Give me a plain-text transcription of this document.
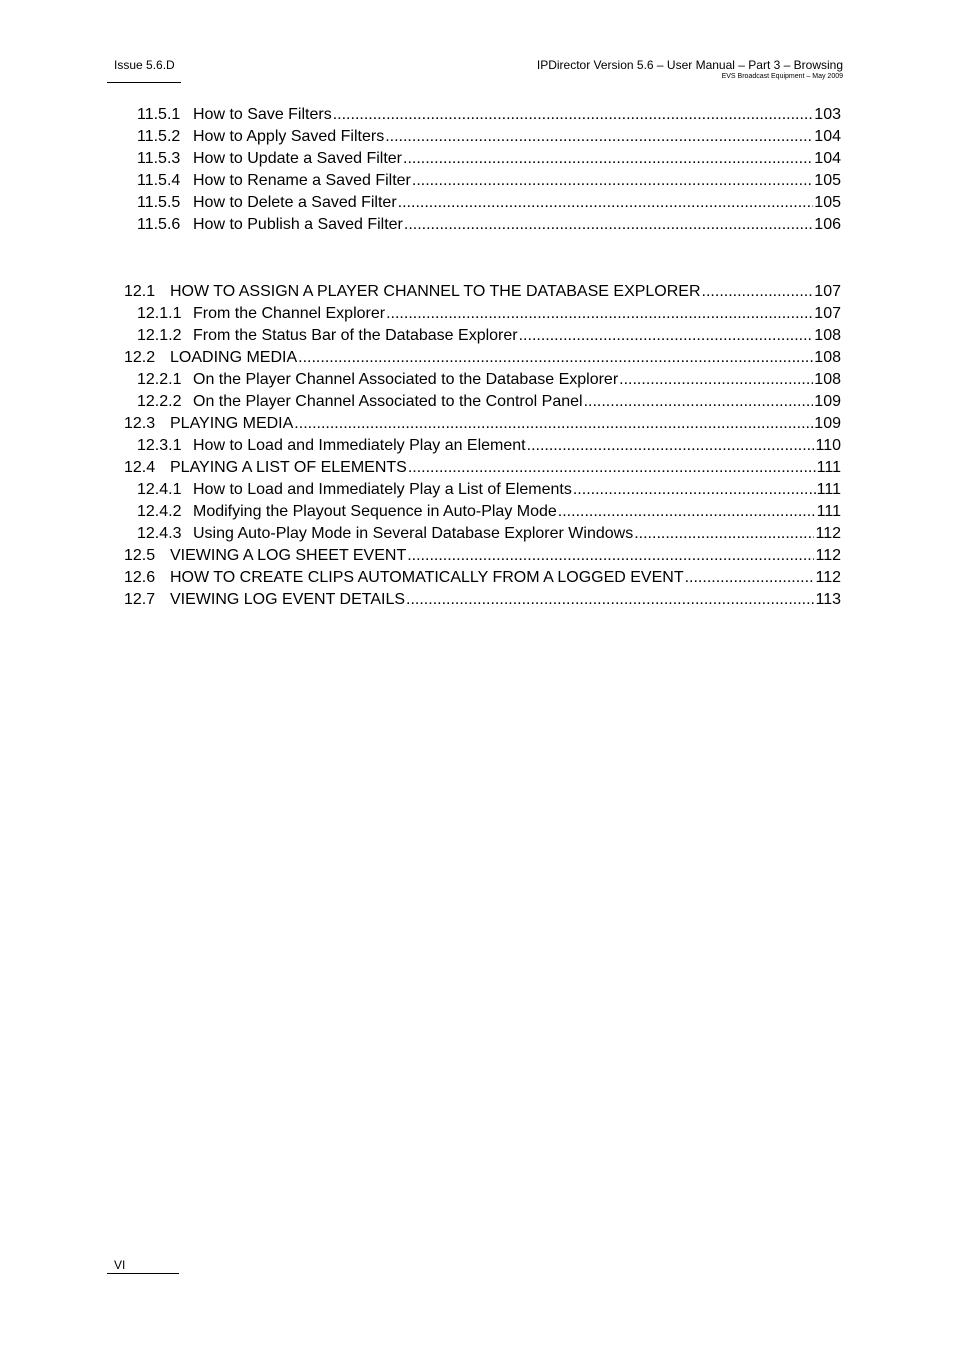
Issue 5.6.D	IPDirector Version 5.6 – User Manual – Part 3 – Browsing
EVS Broadcast Equipment – May 2009
11.5.1 How to Save Filters .....	103
11.5.2 How to Apply Saved Filters .....	104
11.5.3 How to Update a Saved Filter .....	104
11.5.4 How to Rename a Saved Filter .....	105
11.5.5 How to Delete a Saved Filter .....	105
11.5.6 How to Publish a Saved Filter .....	106
12.1 HOW TO ASSIGN A PLAYER CHANNEL TO THE DATABASE EXPLORER .....	107
12.1.1 From the Channel Explorer .....	107
12.1.2 From the Status Bar of the Database Explorer .....	108
12.2 LOADING MEDIA .....	108
12.2.1 On the Player Channel Associated to the Database Explorer .....	108
12.2.2 On the Player Channel Associated to the Control Panel .....	109
12.3 PLAYING MEDIA .....	109
12.3.1 How to Load and Immediately Play an Element .....	110
12.4 PLAYING A LIST OF ELEMENTS .....	111
12.4.1 How to Load and Immediately Play a List of Elements .....	111
12.4.2 Modifying the Playout Sequence in Auto-Play Mode .....	111
12.4.3 Using Auto-Play Mode in Several Database Explorer Windows .....	112
12.5 VIEWING A LOG SHEET EVENT .....	112
12.6 HOW TO CREATE CLIPS AUTOMATICALLY FROM A LOGGED EVENT .....	112
12.7 VIEWING LOG EVENT DETAILS .....	113
VI
